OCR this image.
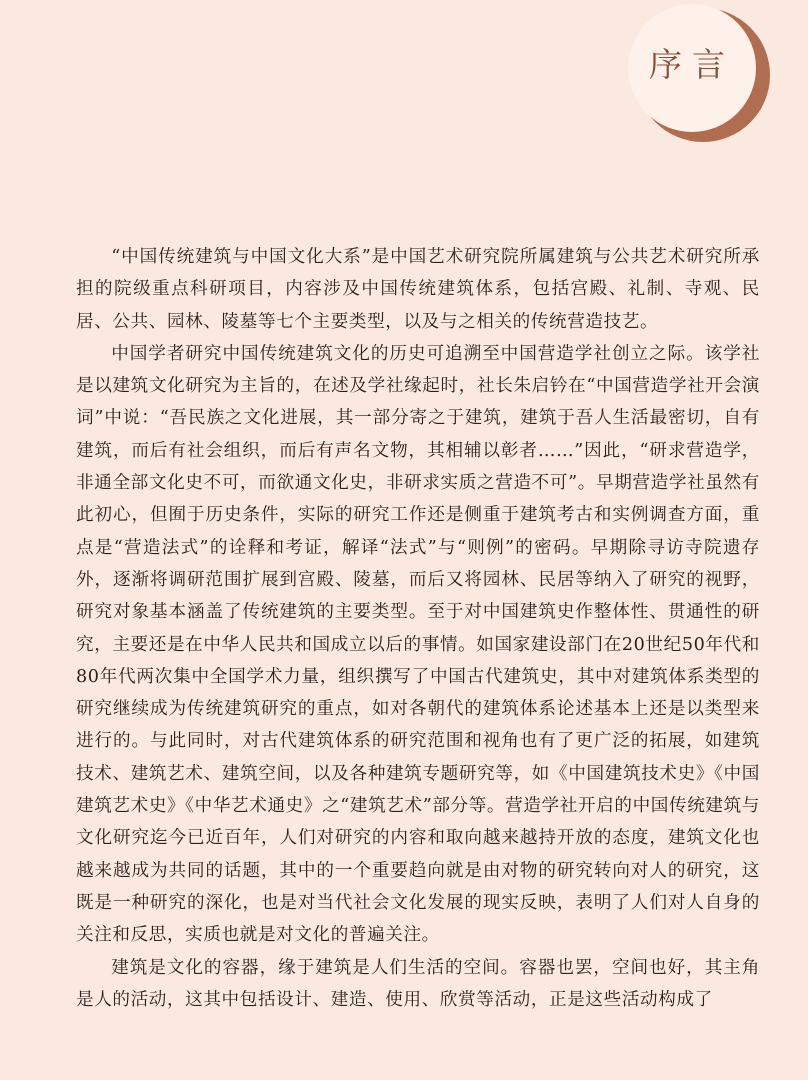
序言

“中国传统建筑与中国文化大系”是中国艺术研究院所属建筑与公共艺术研究所承担的院级重点科研项目，内容涉及中国传统建筑体系，包括宫殿、礼制、寺观、民居、公共、园林、陵墓等七个主要类型，以及与之相关的传统营造技艺。

中国学者研究中国传统建筑文化的历史可追溯至中国营造学社创立之际。该学社是以建筑文化研究为主旨的，在述及学社缘起时，社长朱启钤在“中国营造学社开会演词”中说：“吾民族之文化进展，其一部分寄之于建筑，建筑于吾人生活最密切，自有建筑，而后有社会组织，而后有声名文物，其相辅以彰者……”因此，“研求营造学，非通全部文化史不可，而欲通文化史，非研求实质之营造不可”。早期营造学社虽然有此初心，但囿于历史条件，实际的研究工作还是侧重于建筑考古和实例调查方面，重点是“营造法式”的诠释和考证，解译“法式”与“则例”的密码。早期除寻访寺院遗存外，逐渐将调研范围扩展到宫殿、陵墓，而后又将园林、民居等纳入了研究的视野，研究对象基本涵盖了传统建筑的主要类型。至于对中国建筑史作整体性、贯通性的研究，主要还是在中华人民共和国成立以后的事情。如国家建设部门在20世纪50年代和80年代两次集中全国学术力量，组织撰写了中国古代建筑史，其中对建筑体系类型的研究继续成为传统建筑研究的重点，如对各朝代的建筑体系论述基本上还是以类型来进行的。与此同时，对古代建筑体系的研究范围和视角也有了更广泛的拓展，如建筑技术、建筑艺术、建筑空间，以及各种建筑专题研究等，如《中国建筑技术史》《中国建筑艺术史》《中华艺术通史》之“建筑艺术”部分等。营造学社开启的中国传统建筑与文化研究迄今已近百年，人们对研究的内容和取向越来越持开放的态度，建筑文化也越来越成为共同的话题，其中的一个重要趋向就是由对物的研究转向对人的研究，这既是一种研究的深化，也是对当代社会文化发展的现实反映，表明了人们对人自身的关注和反思，实质也就是对文化的普遍关注。

建筑是文化的容器，缘于建筑是人们生活的空间。容器也罢，空间也好，其主角是人的活动，这其中包括设计、建造、使用、欣赏等活动，正是这些活动构成了
